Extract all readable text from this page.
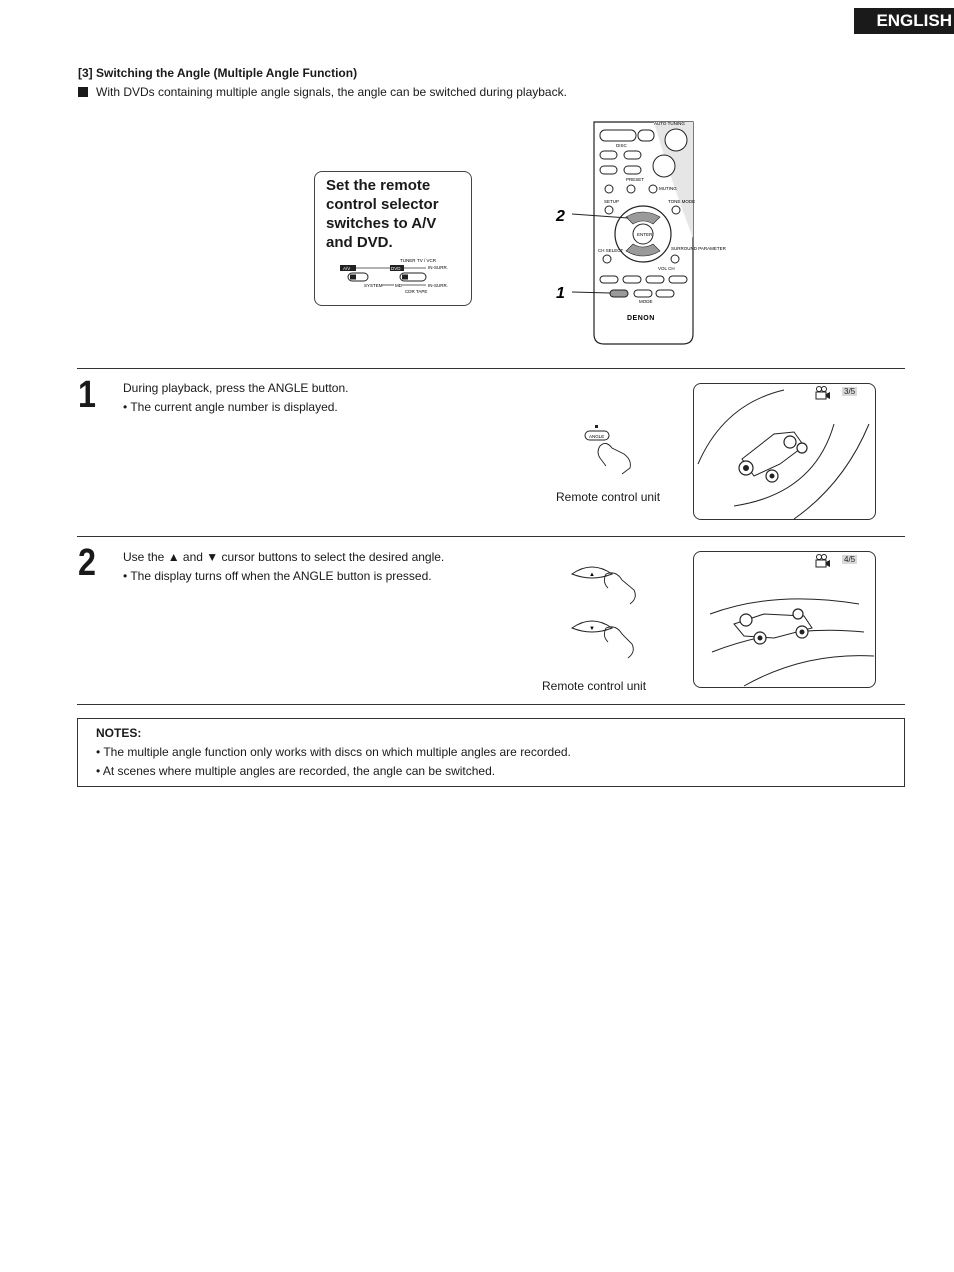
ENGLISH
[3] Switching the Angle (Multiple Angle Function)
With DVDs containing multiple angle signals, the angle can be switched during playback.
Set the remote control selector switches to A/V and DVD.
TUNER TV / VCR
A/V	DVD	IN-SURR.
SYSTEM	MD	IN-SURR.
CDR TAPE
AUTO TUNING
DISC
PRESET
MUTING
SETUP	TONE MODE
ENTER
CH SELECT	SURROUND PARAMETER
VOL CH
MODE
DENON
2
1
1 During playback, press the ANGLE button.
• The current angle number is displayed.
ANGLE
Remote control unit
3/5
2 Use the ▲ and ▼ cursor buttons to select the desired angle.
• The display turns off when the ANGLE button is pressed.	▲
▼
Remote control unit
4/5
NOTES:
• The multiple angle function only works with discs on which multiple angles are recorded.
• At scenes where multiple angles are recorded, the angle can be switched.
